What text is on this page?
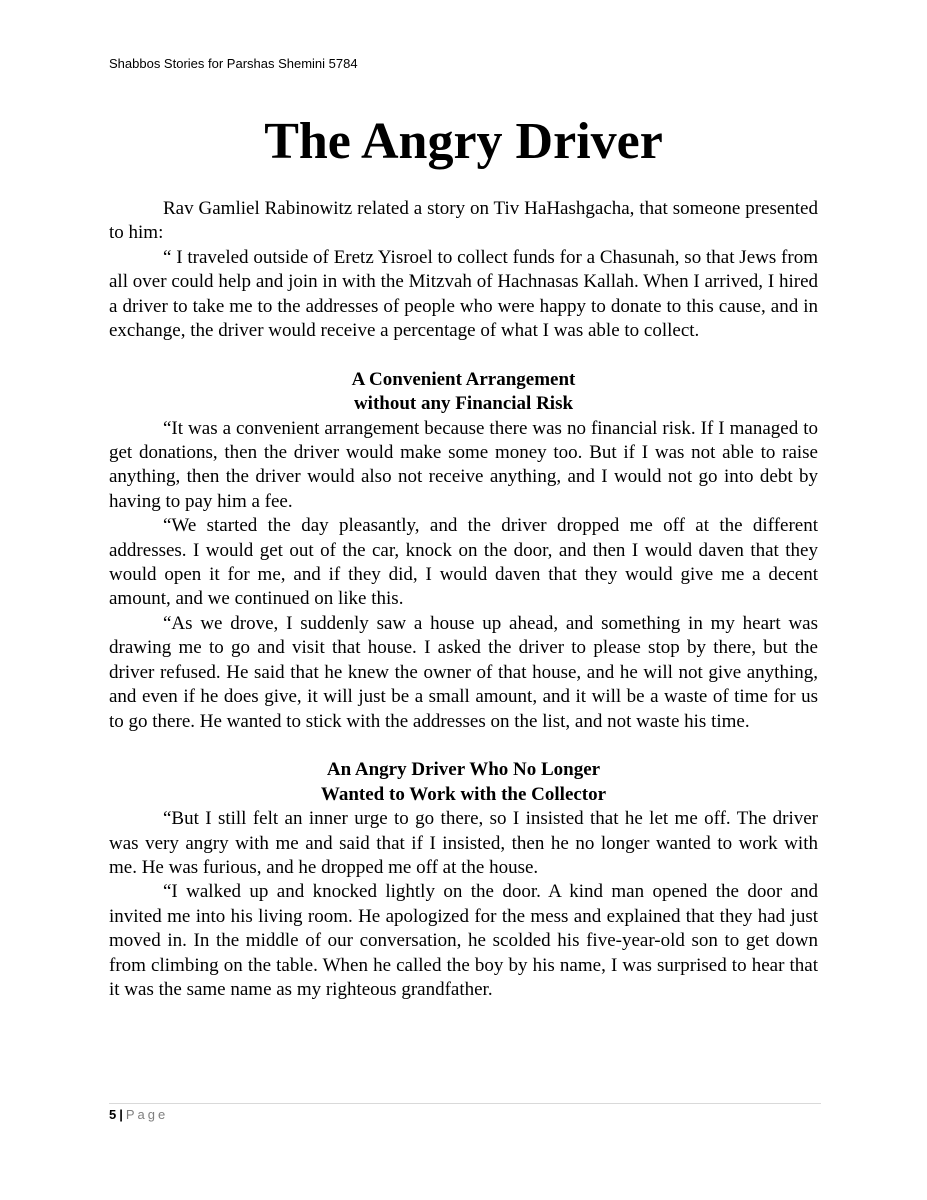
Shabbos Stories for Parshas Shemini 5784
The Angry Driver

Rav Gamliel Rabinowitz related a story on Tiv HaHashgacha, that someone presented to him:

“ I traveled outside of Eretz Yisroel to collect funds for a Chasunah, so that Jews from all over could help and join in with the Mitzvah of Hachnasas Kallah. When I arrived, I hired a driver to take me to the addresses of people who were happy to donate to this cause, and in exchange, the driver would receive a percentage of what I was able to collect.

A Convenient Arrangement
without any Financial Risk

“It was a convenient arrangement because there was no financial risk. If I managed to get donations, then the driver would make some money too. But if I was not able to raise anything, then the driver would also not receive anything, and I would not go into debt by having to pay him a fee.

“We started the day pleasantly, and the driver dropped me off at the different addresses. I would get out of the car, knock on the door, and then I would daven that they would open it for me, and if they did, I would daven that they would give me a decent amount, and we continued on like this.

“As we drove, I suddenly saw a house up ahead, and something in my heart was drawing me to go and visit that house. I asked the driver to please stop by there, but the driver refused. He said that he knew the owner of that house, and he will not give anything, and even if he does give, it will just be a small amount, and it will be a waste of time for us to go there. He wanted to stick with the addresses on the list, and not waste his time.

An Angry Driver Who No Longer
Wanted to Work with the Collector

“But I still felt an inner urge to go there, so I insisted that he let me off. The driver was very angry with me and said that if I insisted, then he no longer wanted to work with me. He was furious, and he dropped me off at the house.

“I walked up and knocked lightly on the door. A kind man opened the door and invited me into his living room. He apologized for the mess and explained that they had just moved in. In the middle of our conversation, he scolded his five-year-old son to get down from climbing on the table. When he called the boy by his name, I was surprised to hear that it was the same name as my righteous grandfather.

5 | Page
